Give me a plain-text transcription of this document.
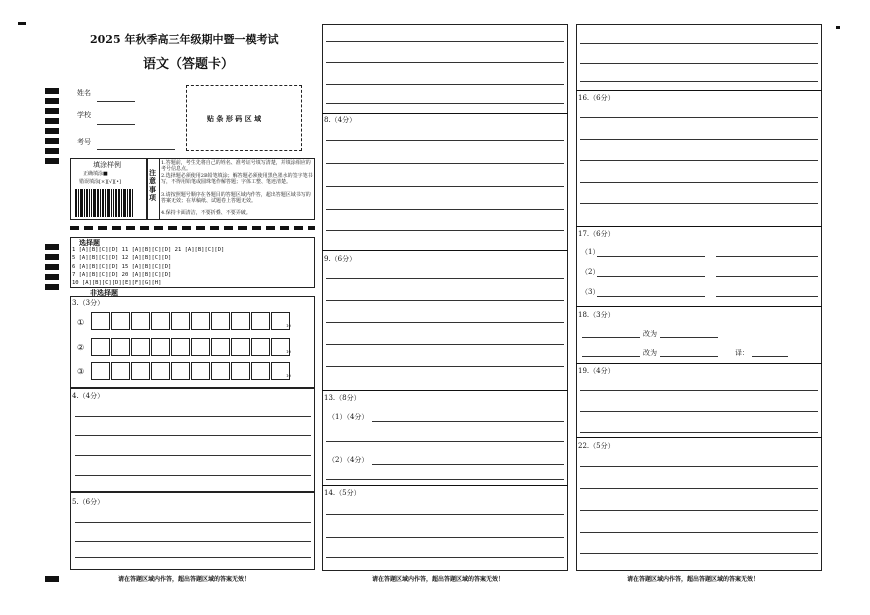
2025 年秋季高三年级期中暨一模考试
语文（答题卡）
姓名
学校
考号
贴 条 形 码 区 域
填涂样例
正确填涂■
错误填涂[×][√][•]
注意事项
1.答题前，考生先将自己的姓名、准考证号填写清楚，并填涂相应的考号信息点。
2.选择题必须使用2B铅笔填涂；解答题必须使用黑色墨水的签字笔书写，不得用铅笔或圆珠笔作解答题；字体工整、笔迹清楚。
3.请按照题号顺序在各题目的答题区域内作答，超出答题区域书写的答案无效；在草稿纸、试题卷上答题无效。
4.保持卡面清洁，不要折叠、不要弄破。
选择题
1 [A][B][C][D] 11 [A][B][C][D] 21 [A][B][C][D]
5 [A][B][C][D] 12 [A][B][C][D]
6 [A][B][C][D] 15 [A][B][C][D]
7 [A][B][C][D] 20 [A][B][C][D]
10 [A][B][C][D][E][F][G][H]
非选择题
3.（3分）
①	10
②	10
③	10
4.（4分）
5.（6分）
请在答题区域内作答，超出答题区域的答案无效！
8.（4分）
9.（6分）
13.（8分）
（1）（4分）
（2）（4分）
14.（5分）
请在答题区域内作答，超出答题区域的答案无效！
16.（6分）
17.（6分）
（1）
（2）
（3）
18.（3分）
改为
改为	译：
19.（4分）
22.（5分）
请在答题区域内作答，超出答题区域的答案无效！
